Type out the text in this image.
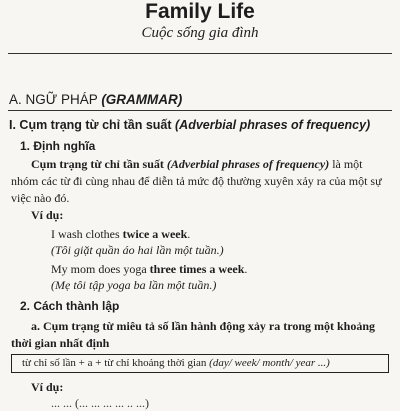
Family Life
Cuộc sống gia đình
A. NGỮ PHÁP (GRAMMAR)
I. Cụm trạng từ chỉ tần suất (Adverbial phrases of frequency)
1. Định nghĩa
Cụm trạng từ chỉ tần suất (Adverbial phrases of frequency) là một nhóm các từ đi cùng nhau để diễn tả mức độ thường xuyên xảy ra của một sự việc nào đó.
Ví dụ:
I wash clothes twice a week.
(Tôi giặt quần áo hai lần một tuần.)
My mom does yoga three times a week.
(Mẹ tôi tập yoga ba lần một tuần.)
2. Cách thành lập
a. Cụm trạng từ miêu tả số lần hành động xảy ra trong một khoảng thời gian nhất định
từ chỉ số lần + a + từ chỉ khoảng thời gian (day/ week/ month/ year ...)
Ví dụ:
... ... (... ... ... ... .. ...)
